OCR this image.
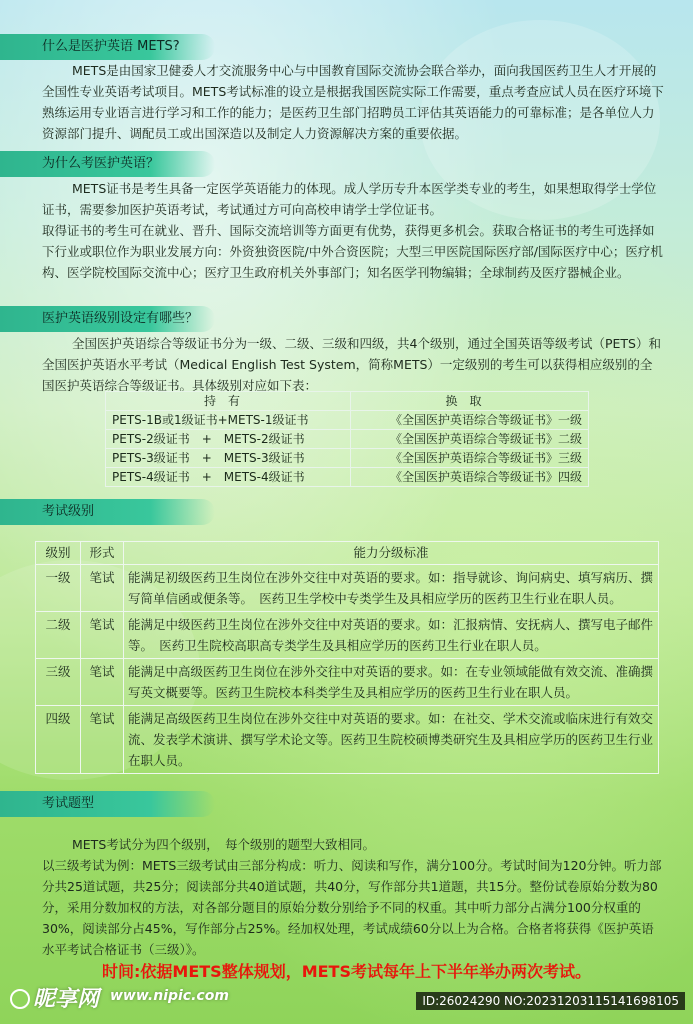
什么是医护英语 METS?

METS是由国家卫健委人才交流服务中心与中国教育国际交流协会联合举办，面向我国医药卫生人才开展的全国性专业英语考试项目。METS考试标准的设立是根据我国医院实际工作需要，重点考查应试人员在医疗环境下熟练运用专业语言进行学习和工作的能力；是医药卫生部门招聘员工评估其英语能力的可靠标准；是各单位人力资源部门提升、调配员工或出国深造以及制定人力资源解决方案的重要依据。

为什么考医护英语？

METS证书是考生具备一定医学英语能力的体现。成人学历专升本医学类专业的考生，如果想取得学士学位证书，需要参加医护英语考试，考试通过方可向高校申请学士学位证书。

取得证书的考生可在就业、晋升、国际交流培训等方面更有优势，获得更多机会。获取合格证书的考生可选择如下行业或职位作为职业发展方向：外资独资医院/中外合资医院；大型三甲医院国际医疗部/国际医疗中心；医疗机构、医学院校国际交流中心；医疗卫生政府机关外事部门；知名医学刊物编辑；全球制药及医疗器械企业。

医护英语级别设定有哪些？

全国医护英语综合等级证书分为一级、二级、三级和四级，共4个级别，通过全国英语等级考试（PETS）和全国医护英语水平考试（Medical English Test System，简称METS）一定级别的考生可以获得相应级别的全国医护英语综合等级证书。具体级别对应如下表：

持有	换取
PETS-1B或1级证书+METS-1级证书	《全国医护英语综合等级证书》一级
PETS-2级证书　+　METS-2级证书	《全国医护英语综合等级证书》二级
PETS-3级证书　+　METS-3级证书	《全国医护英语综合等级证书》三级
PETS-4级证书　+　METS-4级证书	《全国医护英语综合等级证书》四级
考试级别
级别	形式	能力分级标准
一级	笔试	能满足初级医药卫生岗位在涉外交往中对英语的要求。如：指导就诊、询问病史、填写病历、撰写简单信函或便条等。　医药卫生学校中专类学生及具相应学历的医药卫生行业在职人员。
二级	笔试	能满足中级医药卫生岗位在涉外交往中对英语的要求。如：汇报病情、安抚病人、撰写电子邮件等。　医药卫生院校高职高专类学生及具相应学历的医药卫生行业在职人员。
三级	笔试	能满足中高级医药卫生岗位在涉外交往中对英语的要求。如：在专业领域能做有效交流、准确撰写英文概要等。医药卫生院校本科类学生及具相应学历的医药卫生行业在职人员。
四级	笔试	能满足高级医药卫生岗位在涉外交往中对英语的要求。如：在社交、学术交流或临床进行有效交流、发表学术演讲、撰写学术论文等。医药卫生院校硕博类研究生及具相应学历的医药卫生行业在职人员。
考试题型

METS考试分为四个级别，　每个级别的题型大致相同。

以三级考试为例：METS三级考试由三部分构成：听力、阅读和写作，满分100分。考试时间为120分钟。听力部分共25道试题，共25分；阅读部分共40道试题，共40分，写作部分共1道题，共15分。整份试卷原始分数为80分，采用分数加权的方法，对各部分题目的原始分数分别给予不同的权重。其中听力部分占满分100分权重的30%，阅读部分占45%，写作部分占25%。经加权处理，考试成绩60分以上为合格。合格者将获得《医护英语水平考试合格证书（三级）》。

时间:依据METS整体规划，METS考试每年上下半年举办两次考试。
昵享网 www.nipic.com	ID:26024290 NO:20231203115141698105
